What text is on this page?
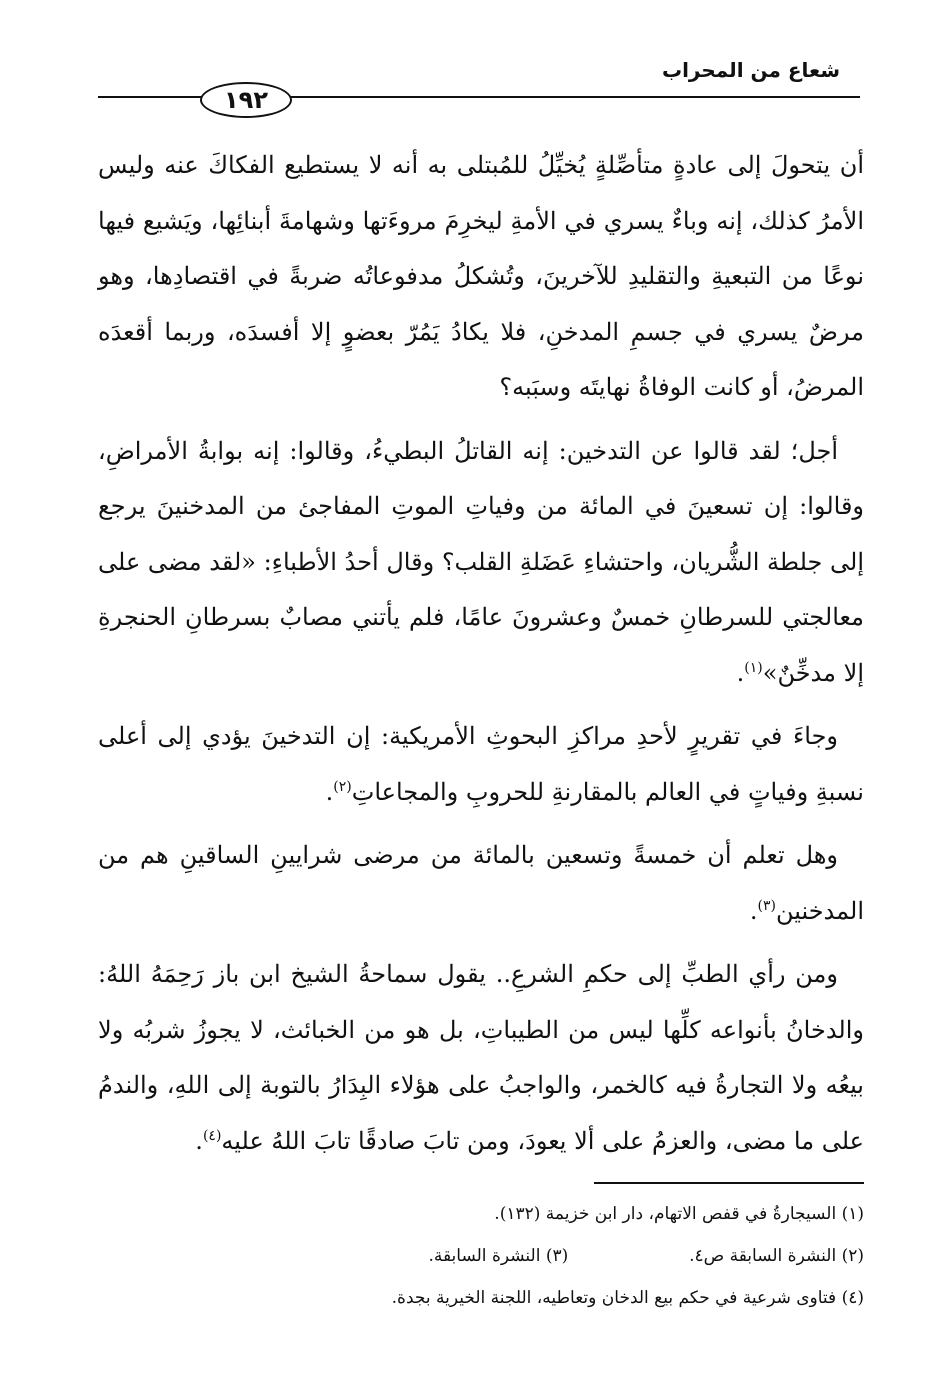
شعاع من المحراب
١٩٢

أن يتحولَ إلى عادةٍ متأصِّلةٍ يُخيِّلُ للمُبتلى به أنه لا يستطيع الفكاكَ عنه وليس الأمرُ كذلك، إنه وباءٌ يسري في الأمةِ ليخرِمَ مروءَتها وشهامةَ أبنائِها، ويَشيع فيها نوعًا من التبعيةِ والتقليدِ للآخرينَ، وتُشكلُ مدفوعاتُه ضربةً في اقتصادِها، وهو مرضٌ يسري في جسمِ المدخنِ، فلا يكادُ يَمُرّ بعضوٍ إلا أفسدَه، وربما أقعدَه المرضُ، أو كانت الوفاةُ نهايتَه وسبَبه؟

أجل؛ لقد قالوا عن التدخين: إنه القاتلُ البطيءُ، وقالوا: إنه بوابةُ الأمراضِ، وقالوا: إن تسعينَ في المائة من وفياتِ الموتِ المفاجئ من المدخنينَ يرجع إلى جلطة الشُّريان، واحتشاءِ عَضَلةِ القلب؟ وقال أحدُ الأطباءِ: «لقد مضى على معالجتي للسرطانِ خمسٌ وعشرونَ عامًا، فلم يأتني مصابٌ بسرطانِ الحنجرةِ إلا مدخِّنٌ»$^{(١)}$.

وجاءَ في تقريرٍ لأحدِ مراكزِ البحوثِ الأمريكية: إن التدخينَ يؤدي إلى أعلى نسبةِ وفياتٍ في العالم بالمقارنةِ للحروبِ والمجاعاتِ$^{(٢)}$.

وهل تعلم أن خمسةً وتسعين بالمائة من مرضى شرايينِ الساقينِ هم من المدخنين$^{(٣)}$.

ومن رأي الطبِّ إلى حكمِ الشرعِ.. يقول سماحةُ الشيخ ابن باز رَحِمَهُ اللهُ: والدخانُ بأنواعه كلِّها ليس من الطيباتِ، بل هو من الخبائث، لا يجوزُ شربُه ولا بيعُه ولا التجارةُ فيه كالخمر، والواجبُ على هؤلاء البِدَارُ بالتوبة إلى اللهِ، والندمُ على ما مضى، والعزمُ على ألا يعودَ، ومن تابَ صادقًا تابَ اللهُ عليه$^{(٤)}$.

(١) السيجارةُ في قفص الاتهام، دار ابن خزيمة (١٣٢).
(٢) النشرة السابقة ص٤.  (٣) النشرة السابقة.
(٤) فتاوى شرعية في حكم بيع الدخان وتعاطيه، اللجنة الخيرية بجدة.
